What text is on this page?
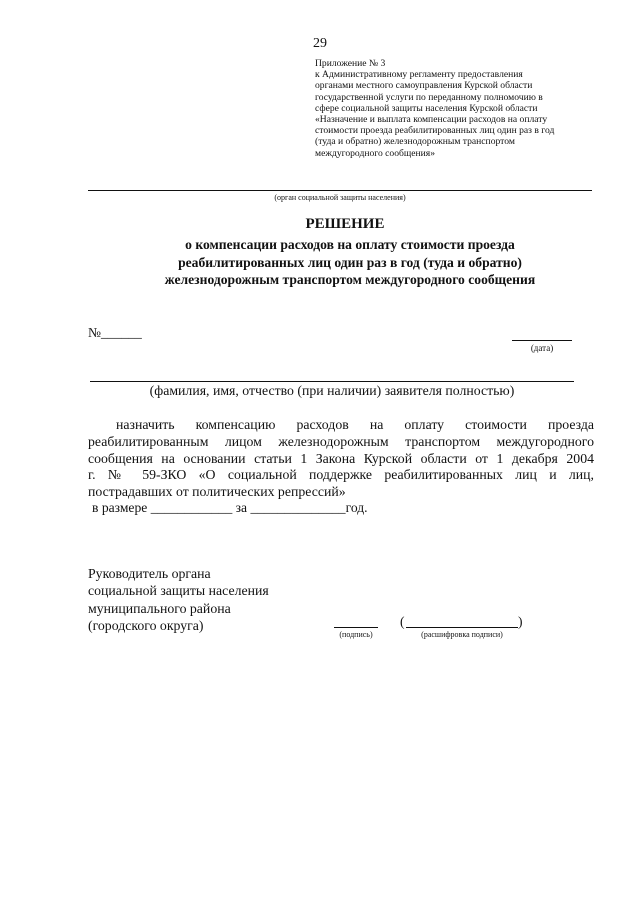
29
Приложение № 3
к Административному регламенту предоставления
органами местного самоуправления Курской области
государственной услуги по переданному полномочию в
сфере социальной защиты населения Курской области
«Назначение и выплата компенсации расходов на оплату
стоимости проезда реабилитированных лиц один раз в год
(туда и обратно) железнодорожным транспортом
междугородного сообщения»
(орган социальной защиты населения)
РЕШЕНИЕ
о компенсации расходов на оплату стоимости проезда
реабилитированных лиц один раз в год (туда и обратно)
железнодорожным транспортом междугородного сообщения
№______
(дата)
(фамилия, имя, отчество (при наличии) заявителя полностью)
назначить компенсацию расходов на оплату стоимости проезда
реабилитированным лицом железнодорожным транспортом междугородного
сообщения на основании статьи 1 Закона Курской области от 1 декабря 2004
г. № 59-ЗКО «О социальной поддержке реабилитированных лиц и лиц,
пострадавших от политических репрессий»
в размере ____________ за ______________год.
Руководитель органа
социальной защиты населения
муниципального района
(городского округа)
(подпись)
(	)
(расшифровка подписи)
